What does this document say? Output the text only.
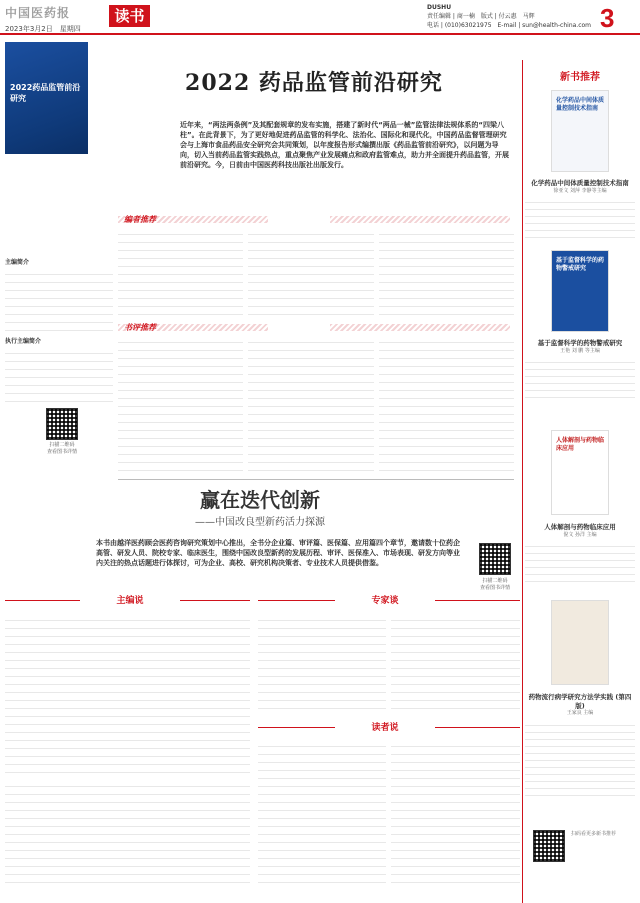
中国医药报
2023年3月2日　星期四
读书	DUSHU
责任编辑 | 商一楠　版式 | 付云惠　马辉
电话 | (010)63021975　E-mail | sun@health-china.com 3
2022药品监管前沿研究
2022 药品监管前沿研究
近年来，“两法两条例”及其配套规章的发布实施，搭建了新时代“两品一械”监管法律法规体系的“四梁八柱”。在此背景下，为了更好地促进药品监管的科学化、法治化、国际化和现代化，中国药品监督管理研究会与上海市食品药品安全研究会共同策划，以年度报告形式编撰出版《药品监管前沿研究》，以问题为导向，切入当前药品监管实践热点，重点聚焦产业发展痛点和政府监管难点，助力并全面提升药品监管，开展前沿研究。今，日前由中国医药科技出版社出版发行。
编者推荐
主编简介
执行主编简介
扫描二维码
查看图书详情
书评推荐
赢在迭代创新
——中国改良型新药活力探源
本书由越洋医药顾会医药咨询研究策划中心推出，全书分企业篇、审评篇、医保篇、应用篇四个章节，邀请数十位药企高管、研发人员、院校专家、临床医生，围绕中国改良型新药的发展历程、审评、医保准入、市场表现、研发方向等业内关注的热点话题进行体探讨，可为企业、高校、研究机构决策者、专业技术人员提供借鉴。
扫描二维码
查看图书详情
主编说	专家谈
读者说
新书推荐
化学药品中间体质量控制技术指南
化学药品中间体质量控制技术指南
徐亚文 刘萍 李静等主编
基于监督科学的药物警戒研究
基于监督科学的药物警戒研究
王艳 刘 鹏 等主编
人体解剖与药物临床应用
人体解剖与药物临床应用
倪文 孙洋 主编
药物流行病学研究方法学实践 (第四版)
王家良 主编
扫码看更多新书推荐
